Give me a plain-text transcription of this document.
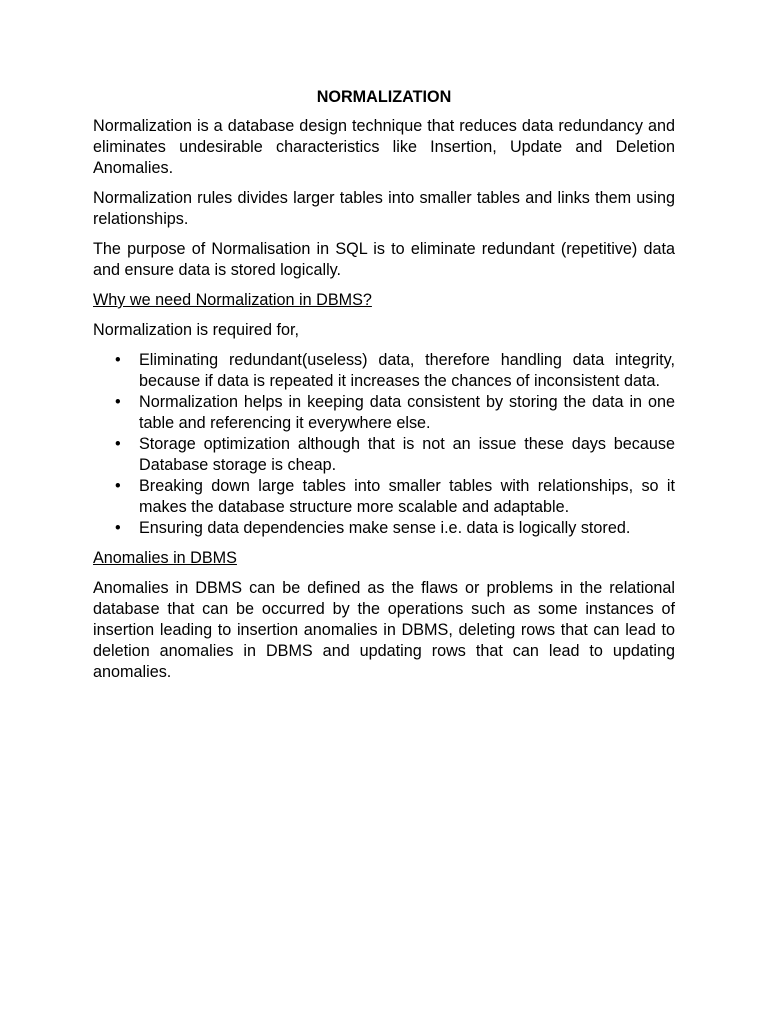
NORMALIZATION

Normalization is a database design technique that reduces data redundancy and eliminates undesirable characteristics like Insertion, Update and Deletion Anomalies.

Normalization rules divides larger tables into smaller tables and links them using relationships.

The purpose of Normalisation in SQL is to eliminate redundant (repetitive) data and ensure data is stored logically.

Why we need Normalization in DBMS?

Normalization is required for,

• Eliminating redundant(useless) data, therefore handling data integrity, because if data is repeated it increases the chances of inconsistent data.
• Normalization helps in keeping data consistent by storing the data in one table and referencing it everywhere else.
• Storage optimization although that is not an issue these days because Database storage is cheap.
• Breaking down large tables into smaller tables with relationships, so it makes the database structure more scalable and adaptable.
• Ensuring data dependencies make sense i.e. data is logically stored.
Anomalies in DBMS

Anomalies in DBMS can be defined as the flaws or problems in the relational database that can be occurred by the operations such as some instances of insertion leading to insertion anomalies in DBMS, deleting rows that can lead to deletion anomalies in DBMS and updating rows that can lead to updating anomalies.
